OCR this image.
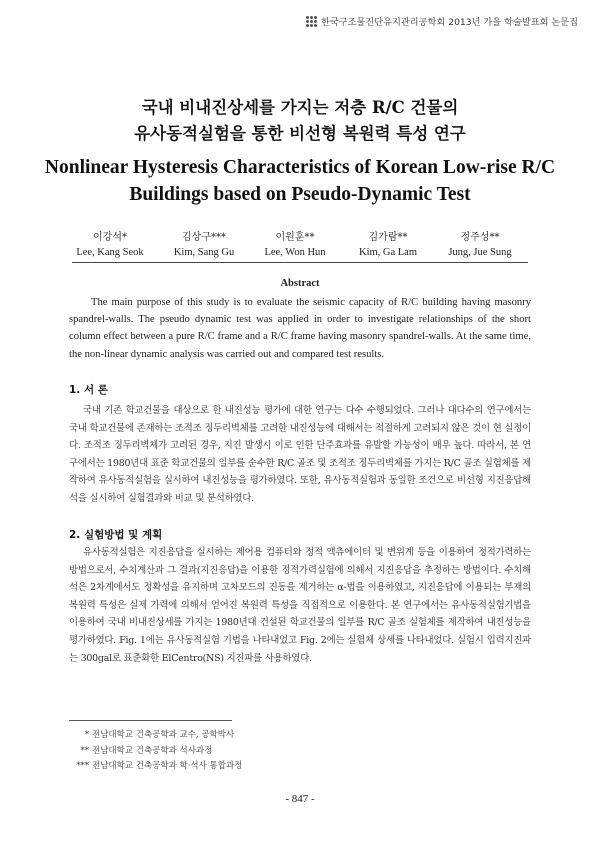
한국구조물진단유지관리공학회 2013년 가을 학술발표회 논문집
국내 비내진상세를 가지는 저층 R/C 건물의
유사동적실험을 통한 비선형 복원력 특성 연구
Nonlinear Hysteresis Characteristics of Korean Low-rise R/C
Buildings based on Pseudo-Dynamic Test
이강석*
Lee, Kang Seok
김상구***
Kim, Sang Gu
이원훈**
Lee, Won Hun
김가람**
Kim, Ga Lam
정주성**
Jung, Jue Sung
Abstract
The main purpose of this study is to evaluate the seismic capacity of R/C building having masonry spandrel-walls. The pseudo dynamic test was applied in order to investigate relationships of the short column effect between a pure R/C frame and a R/C frame having masonry spandrel-walls. At the same time, the non-linear dynamic analysis was carried out and compared test results.
1. 서 론
국내 기존 학교건물을 대상으로 한 내진성능 평가에 대한 연구는 다수 수행되었다. 그러나 대다수의 연구에서는 국내 학교건물에 존재하는 조적조 징두리벽체를 고려한 내진성능에 대해서는 적절하게 고려되지 않은 것이 현 실정이다. 조적조 징두리벽체가 고려된 경우, 지진 발생시 이로 인한 단주효과를 유발할 가능성이 매우 높다. 따라서, 본 연구에서는 1980년대 표준 학교건물의 일부를 순수한 R/C 골조 및 조적조 징두리벽체를 가지는 R/C 골조 실험체를 제작하여 유사동적실험을 실시하여 내진성능을 평가하였다. 또한, 유사동적실험과 동일한 조건으로 비선형 지진응답해석을 실시하여 실험결과와 비교 및 분석하였다.
2. 실험방법 및 계획
유사동적실험은 지진응답을 실시하는 제어용 컴퓨터와 정적 액츄에이터 및 변위계 등을 이용하여 정적가력하는 방법으로서, 수치계산과 그 결과(지진응답)을 이용한 정적가력실험에 의해서 지진응답을 추정하는 방법이다. 수치해석은 2차계에서도 정확성을 유지하며 고차모드의 진동을 제거하는 α-법을 이용하였고, 지진응답에 이용되는 부재의 복원력 특성은 실제 가력에 의해서 얻어진 복원력 특성을 직접적으로 이용한다. 본 연구에서는 유사동적실험기법을 이용하여 국내 비내진상세를 가지는 1980년대 건설된 학교건물의 일부를 R/C 골조 실험체를 제작하여 내진성능을 평가하였다. Fig. 1에는 유사동적실험 기법을 나타내었고 Fig. 2에는 실험체 상세를 나타내었다. 실험시 입력지진파는 300gal로 표준화한 ElCentro(NS) 지진파를 사용하였다.
* 전남대학교 건축공학과 교수, 공학박사
** 전남대학교 건축공학과 석사과정
*** 전남대학교 건축공학과 학·석사 통합과정
- 847 -
